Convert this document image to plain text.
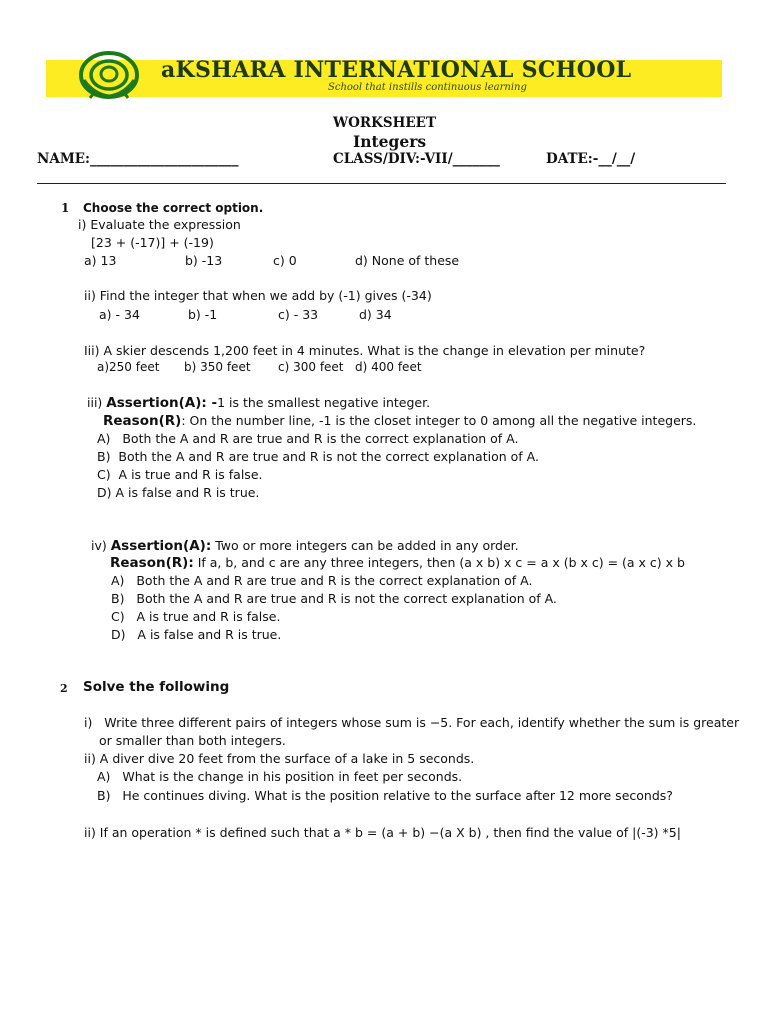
aKSHARA INTERNATIONAL SCHOOL
School that instills continuous learning
WORKSHEET
Integers
NAME:______________________	CLASS/DIV:-VII/_______	DATE:-__/__/
1 Choose the correct option.
i) Evaluate the expression
[23 + (-17)] + (-19)
a) 13	b) -13	c) 0	d) None of these
ii) Find the integer that when we add by (-1) gives (-34)
a) - 34	b) -1	c) - 33	d) 34
Iii) A skier descends 1,200 feet in 4 minutes. What is the change in elevation per minute?
a)250 feet b) 350 feet c) 300 feet d) 400 feet
iii) Assertion(A): -1 is the smallest negative integer.
Reason(R): On the number line, -1 is the closet integer to 0 among all the negative integers.
A)   Both the A and R are true and R is the correct explanation of A.
B)  Both the A and R are true and R is not the correct explanation of A.
C)  A is true and R is false.
D) A is false and R is true.
iv) Assertion(A): Two or more integers can be added in any order.
Reason(R): If a, b, and c are any three integers, then (a x b) x c = a x (b x c) = (a x c) x b
A)   Both the A and R are true and R is the correct explanation of A.
B)   Both the A and R are true and R is not the correct explanation of A.
C)   A is true and R is false.
D)   A is false and R is true.
2 Solve the following
i)   Write three different pairs of integers whose sum is −5. For each, identify whether the sum is greater
or smaller than both integers.
ii) A diver dive 20 feet from the surface of a lake in 5 seconds.
A)   What is the change in his position in feet per seconds.
B)   He continues diving. What is the position relative to the surface after 12 more seconds?
ii) If an operation * is defined such that a * b = (a + b) −(a X b) , then find the value of |(-3) *5|
